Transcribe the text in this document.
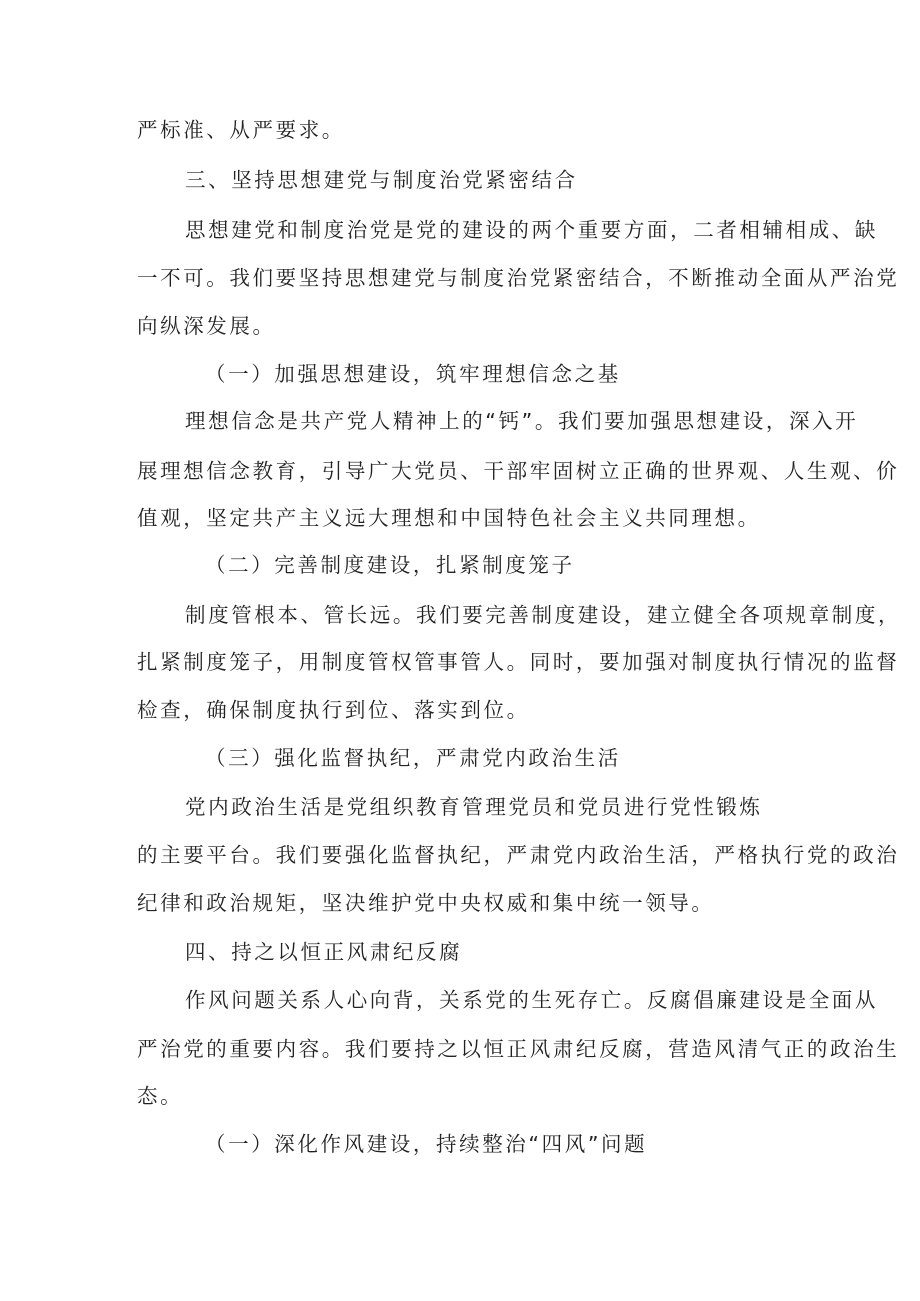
严标准、从严要求。
三、坚持思想建党与制度治党紧密结合
思想建党和制度治党是党的建设的两个重要方面，二者相辅相成、缺
一不可。我们要坚持思想建党与制度治党紧密结合，不断推动全面从严治党
向纵深发展。
（一）加强思想建设，筑牢理想信念之基
理想信念是共产党人精神上的“钙”。我们要加强思想建设，深入开
展理想信念教育，引导广大党员、干部牢固树立正确的世界观、人生观、价
值观，坚定共产主义远大理想和中国特色社会主义共同理想。
（二）完善制度建设，扎紧制度笼子
制度管根本、管长远。我们要完善制度建设，建立健全各项规章制度，
扎紧制度笼子，用制度管权管事管人。同时，要加强对制度执行情况的监督
检查，确保制度执行到位、落实到位。
（三）强化监督执纪，严肃党内政治生活
党内政治生活是党组织教育管理党员和党员进行党性锻炼
的主要平台。我们要强化监督执纪，严肃党内政治生活，严格执行党的政治
纪律和政治规矩，坚决维护党中央权威和集中统一领导。
四、持之以恒正风肃纪反腐
作风问题关系人心向背，关系党的生死存亡。反腐倡廉建设是全面从
严治党的重要内容。我们要持之以恒正风肃纪反腐，营造风清气正的政治生
态。
（一）深化作风建设，持续整治“四风”问题
